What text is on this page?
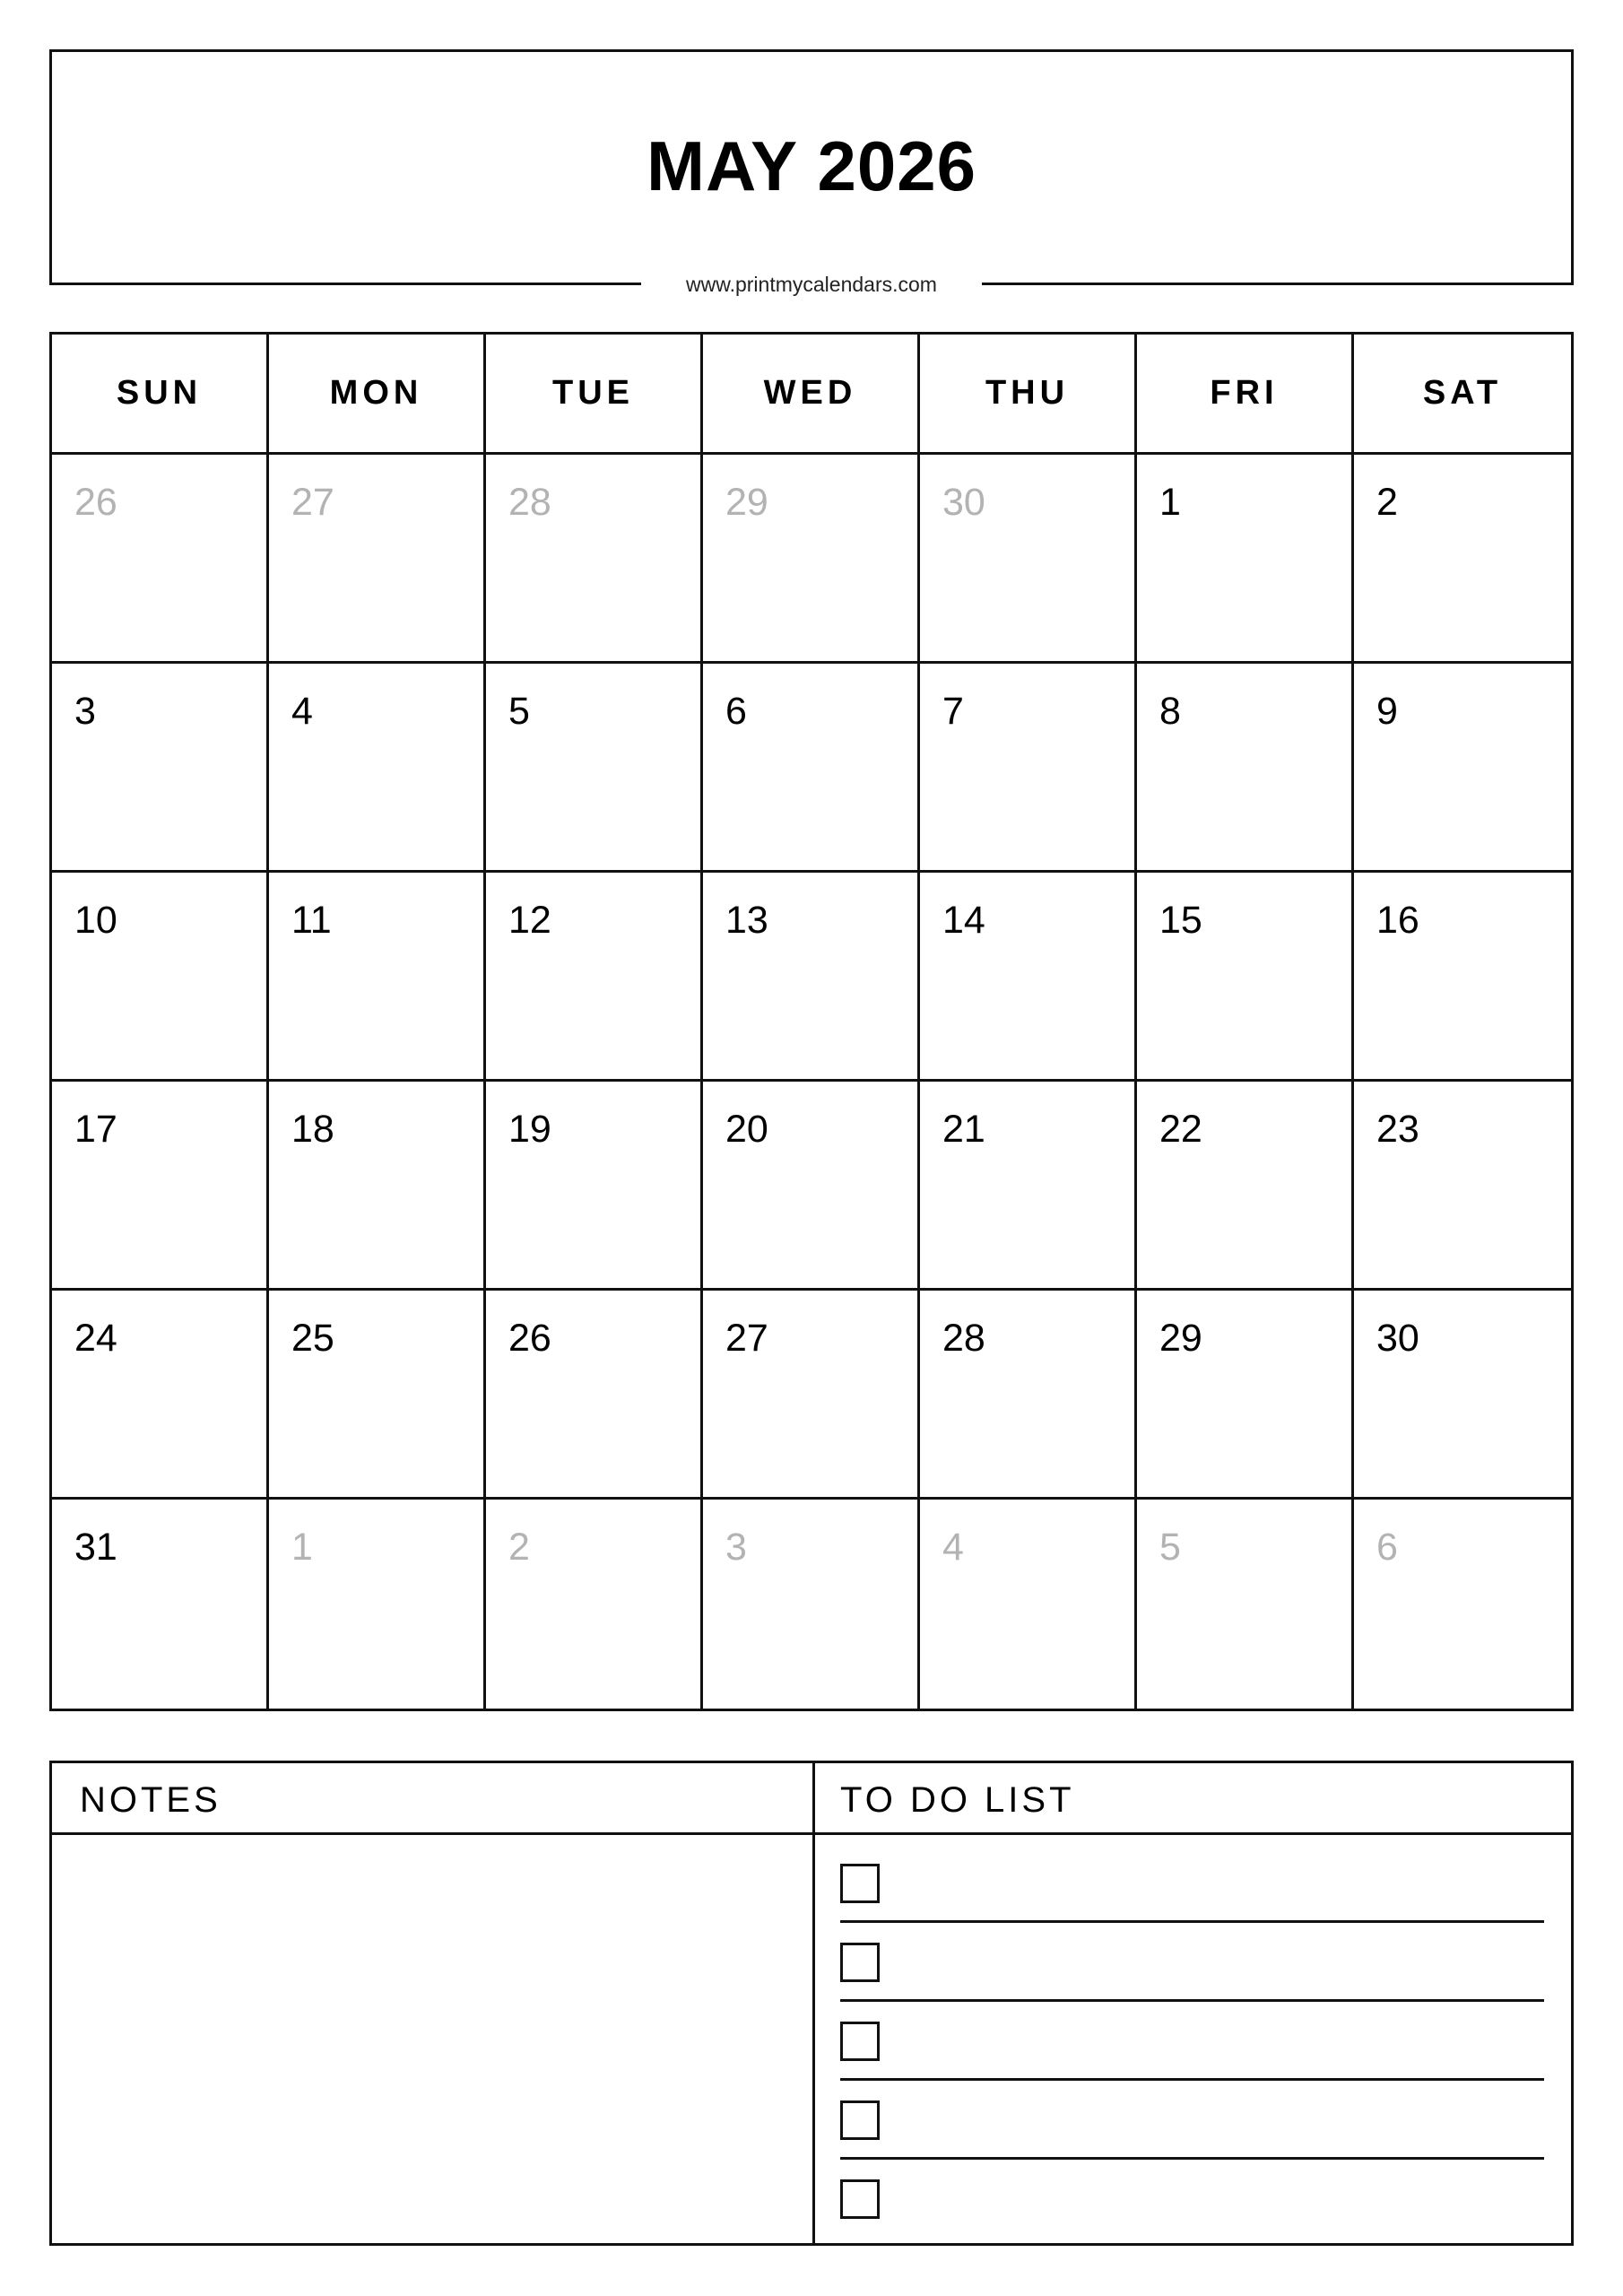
MAY 2026
www.printmycalendars.com
SUN	MON	TUE	WED	THU	FRI	SAT
26	27	28	29	30	1	2
3	4	5	6	7	8	9
10	11	12	13	14	15	16
17	18	19	20	21	22	23
24	25	26	27	28	29	30
31	1	2	3	4	5	6
NOTES	TO DO LIST
